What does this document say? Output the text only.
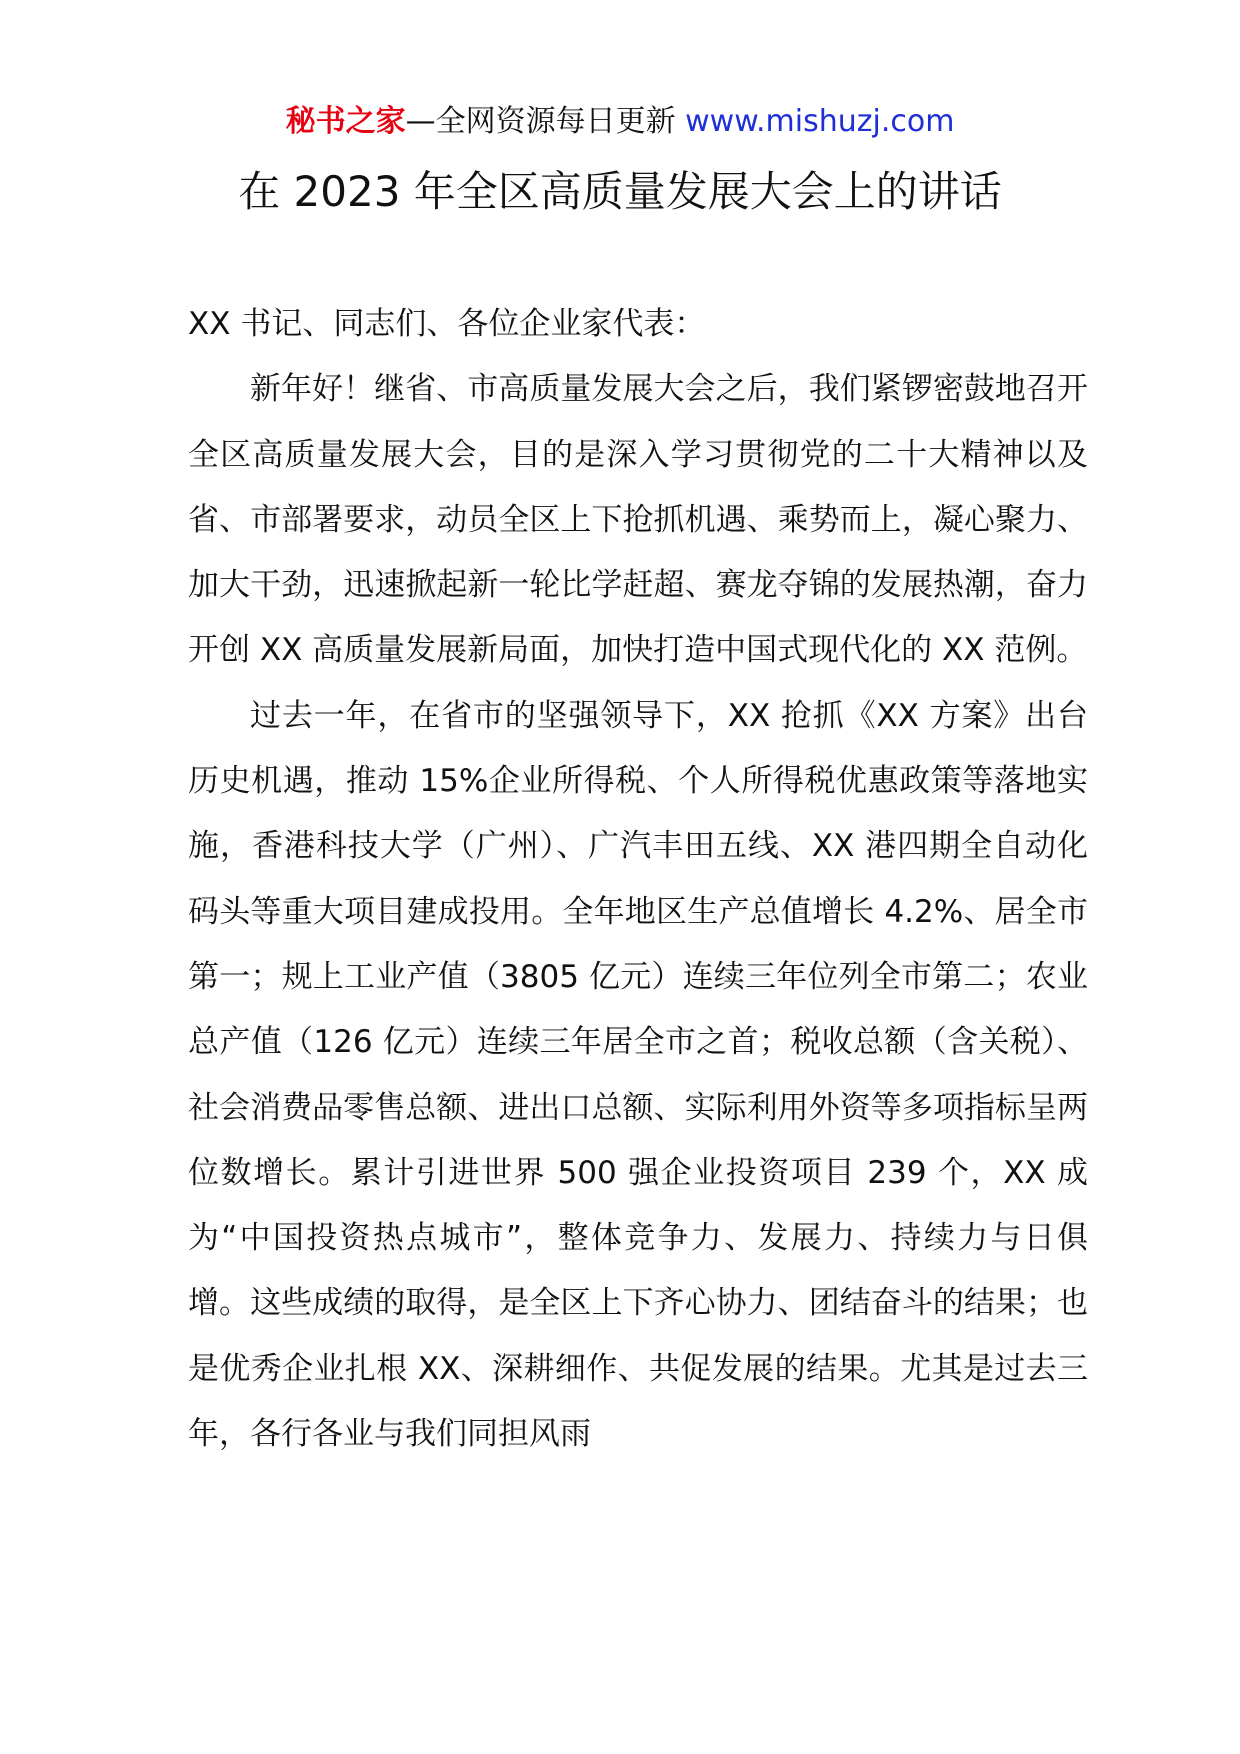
秘书之家—全网资源每日更新 www.mishuzj.com
在 2023 年全区高质量发展大会上的讲话

XX 书记、同志们、各位企业家代表：

新年好！继省、市高质量发展大会之后，我们紧锣密鼓地召开全区高质量发展大会，目的是深入学习贯彻党的二十大精神以及省、市部署要求，动员全区上下抢抓机遇、乘势而上，凝心聚力、加大干劲，迅速掀起新一轮比学赶超、赛龙夺锦的发展热潮，奋力开创 XX 高质量发展新局面，加快打造中国式现代化的 XX 范例。

过去一年，在省市的坚强领导下，XX 抢抓《XX 方案》出台历史机遇，推动 15%企业所得税、个人所得税优惠政策等落地实施，香港科技大学（广州）、广汽丰田五线、XX 港四期全自动化码头等重大项目建成投用。全年地区生产总值增长 4.2%、居全市第一；规上工业产值（3805 亿元）连续三年位列全市第二；农业总产值（126 亿元）连续三年居全市之首；税收总额（含关税）、社会消费品零售总额、进出口总额、实际利用外资等多项指标呈两位数增长。累计引进世界 500 强企业投资项目 239 个，XX 成为“中国投资热点城市”，整体竞争力、发展力、持续力与日俱增。这些成绩的取得，是全区上下齐心协力、团结奋斗的结果；也是优秀企业扎根 XX、深耕细作、共促发展的结果。尤其是过去三年，各行各业与我们同担风雨
